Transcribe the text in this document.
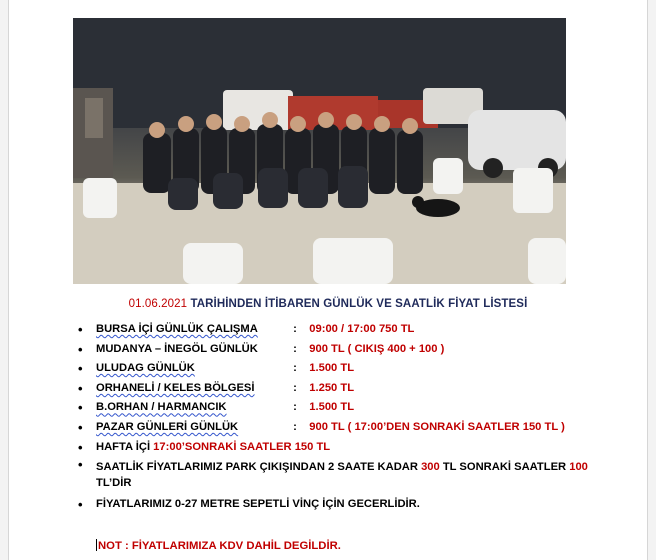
01.06.2021 TARİHİNDEN İTİBAREN GÜNLÜK VE SAATLİK FİYAT LİSTESİ
• BURSA İÇİ GÜNLÜK ÇALIŞMA	: 09:00 / 17:00 750 TL
• MUDANYA – İNEGÖL GÜNLÜK	: 900 TL ( CIKIŞ 400 + 100 )
• ULUDAG GÜNLÜK	: 1.500 TL
• ORHANELİ / KELES BÖLGESİ	: 1.250 TL
• B.ORHAN / HARMANCIK	: 1.500 TL
• PAZAR GÜNLERİ GÜNLÜK	: 900 TL ( 17:00’DEN SONRAKİ SAATLER 150 TL )
• HAFTA İÇİ 17:00’SONRAKİ SAATLER 150 TL
• SAATLİK FİYATLARIMIZ PARK ÇIKIŞINDAN 2 SAATE KADAR 300 TL SONRAKİ SAATLER 100
TL’DİR
• FİYATLARIMIZ 0-27 METRE SEPETLİ VİNÇ İÇİN GECERLİDİR.
NOT : FİYATLARIMIZA KDV DAHİL DEGİLDİR.
